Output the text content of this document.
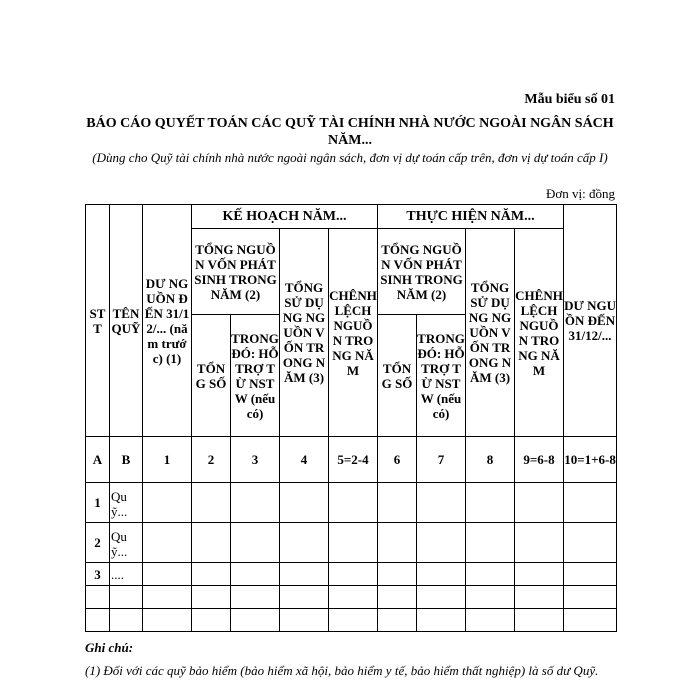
Mẫu biểu số 01
BÁO CÁO QUYẾT TOÁN CÁC QUỸ TÀI CHÍNH NHÀ NƯỚC NGOÀI NGÂN SÁCH NĂM...
(Dùng cho Quỹ tài chính nhà nước ngoài ngân sách, đơn vị dự toán cấp trên, đơn vị dự toán cấp I)
Đơn vị: đồng
STT	TÊN QUỸ	DƯ NGUỒN ĐẾN 31/12/... (năm trước) (1)	KẾ HOẠCH NĂM...				THỰC HIỆN NĂM...				DƯ NGUỒN ĐẾN 31/12/...
			TỔNG NGUỒN VỐN PHÁT SINH TRONG NĂM (2)		TỔNG SỬ DỤNG NGUỒN VỐN TRONG NĂM (3)	CHÊNH LỆCH NGUỒN TRONG NĂM	TỔNG NGUỒN VỐN PHÁT SINH TRONG NĂM (2)		TỔNG SỬ DỤNG NGUỒN VỐN TRONG NĂM (3)	CHÊNH LỆCH NGUỒN TRONG NĂM	
			TỔNG SỐ	TRONG ĐÓ: HỖ TRỢ TỪ NSTW (nếu có)			TỔNG SỐ	TRONG ĐÓ: HỖ TRỢ TỪ NSTW (nếu có)			
A	B	1	2	3	4	5=2-4	6	7	8	9=6-8	10=1+6-8
1	Quỹ...										
2	Quỹ...										
3	....										

Ghi chú:
(1) Đối với các quỹ bảo hiểm (bảo hiểm xã hội, bảo hiểm y tế, bảo hiểm thất nghiệp) là số dư Quỹ.
